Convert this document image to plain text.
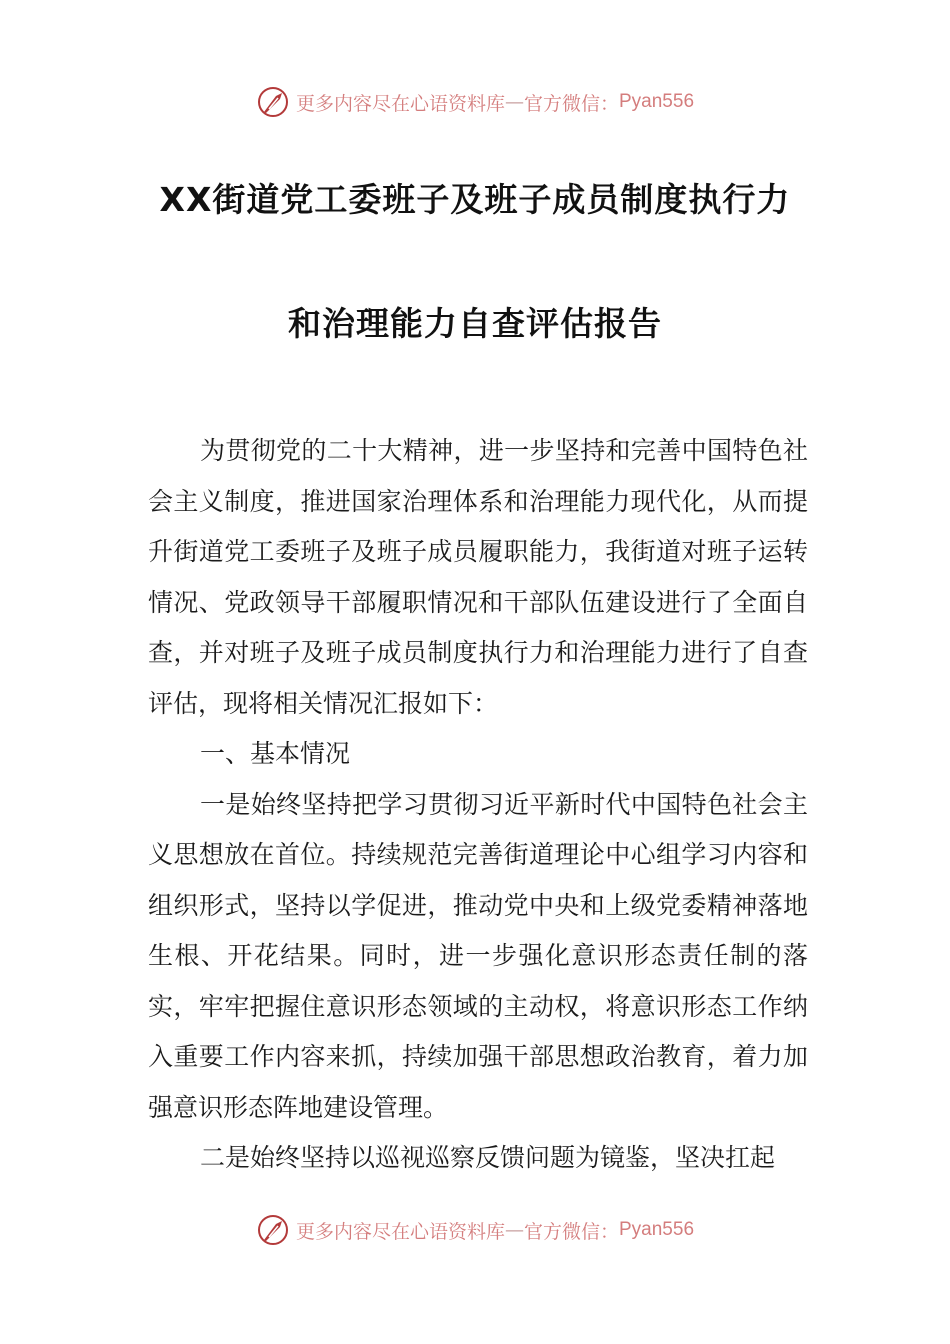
更多内容尽在心语资料库 — 官方微信： Pyan556
XX街道党工委班子及班子成员制度执行力
和治理能力自查评估报告

为贯彻党的二十大精神，进一步坚持和完善中国特色社会主义制度，推进国家治理体系和治理能力现代化，从而提升街道党工委班子及班子成员履职能力，我街道对班子运转情况、党政领导干部履职情况和干部队伍建设进行了全面自查，并对班子及班子成员制度执行力和治理能力进行了自查评估，现将相关情况汇报如下：

一、基本情况

一是始终坚持把学习贯彻习近平新时代中国特色社会主义思想放在首位。持续规范完善街道理论中心组学习内容和组织形式，坚持以学促进，推动党中央和上级党委精神落地生根、开花结果。同时，进一步强化意识形态责任制的落实，牢牢把握住意识形态领域的主动权，将意识形态工作纳入重要工作内容来抓，持续加强干部思想政治教育，着力加强意识形态阵地建设管理。

二是始终坚持以巡视巡察反馈问题为镜鉴，坚决扛起

更多内容尽在心语资料库 — 官方微信： Pyan556
